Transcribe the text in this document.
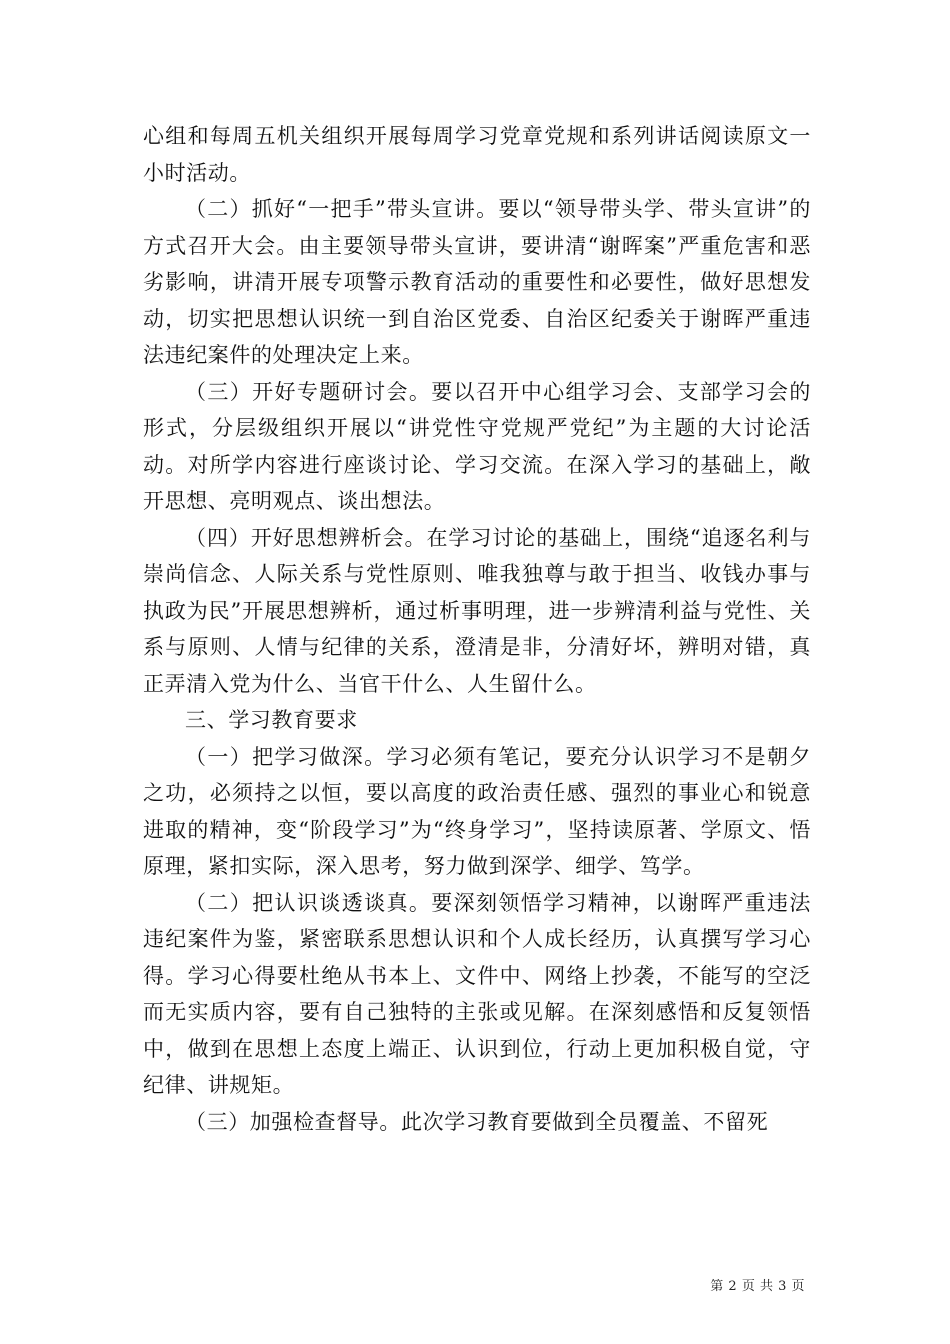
心组和每周五机关组织开展每周学习党章党规和系列讲话阅读原文一小时活动。

（二）抓好“一把手”带头宣讲。要以“领导带头学、带头宣讲”的方式召开大会。由主要领导带头宣讲，要讲清“谢晖案”严重危害和恶劣影响，讲清开展专项警示教育活动的重要性和必要性，做好思想发动，切实把思想认识统一到自治区党委、自治区纪委关于谢晖严重违法违纪案件的处理决定上来。

（三）开好专题研讨会。要以召开中心组学习会、支部学习会的形式，分层级组织开展以“讲党性守党规严党纪”为主题的大讨论活动。对所学内容进行座谈讨论、学习交流。在深入学习的基础上，敞开思想、亮明观点、谈出想法。

（四）开好思想辨析会。在学习讨论的基础上，围绕“追逐名利与崇尚信念、人际关系与党性原则、唯我独尊与敢于担当、收钱办事与执政为民”开展思想辨析，通过析事明理，进一步辨清利益与党性、关系与原则、人情与纪律的关系，澄清是非，分清好坏，辨明对错，真正弄清入党为什么、当官干什么、人生留什么。

三、学习教育要求

（一）把学习做深。学习必须有笔记，要充分认识学习不是朝夕之功，必须持之以恒，要以高度的政治责任感、强烈的事业心和锐意进取的精神，变“阶段学习”为“终身学习”，坚持读原著、学原文、悟原理，紧扣实际，深入思考，努力做到深学、细学、笃学。

（二）把认识谈透谈真。要深刻领悟学习精神，以谢晖严重违法违纪案件为鉴，紧密联系思想认识和个人成长经历，认真撰写学习心得。学习心得要杜绝从书本上、文件中、网络上抄袭，不能写的空泛而无实质内容，要有自己独特的主张或见解。在深刻感悟和反复领悟中，做到在思想上态度上端正、认识到位，行动上更加积极自觉，守纪律、讲规矩。

（三）加强检查督导。此次学习教育要做到全员覆盖、不留死

第 2 页 共 3 页
